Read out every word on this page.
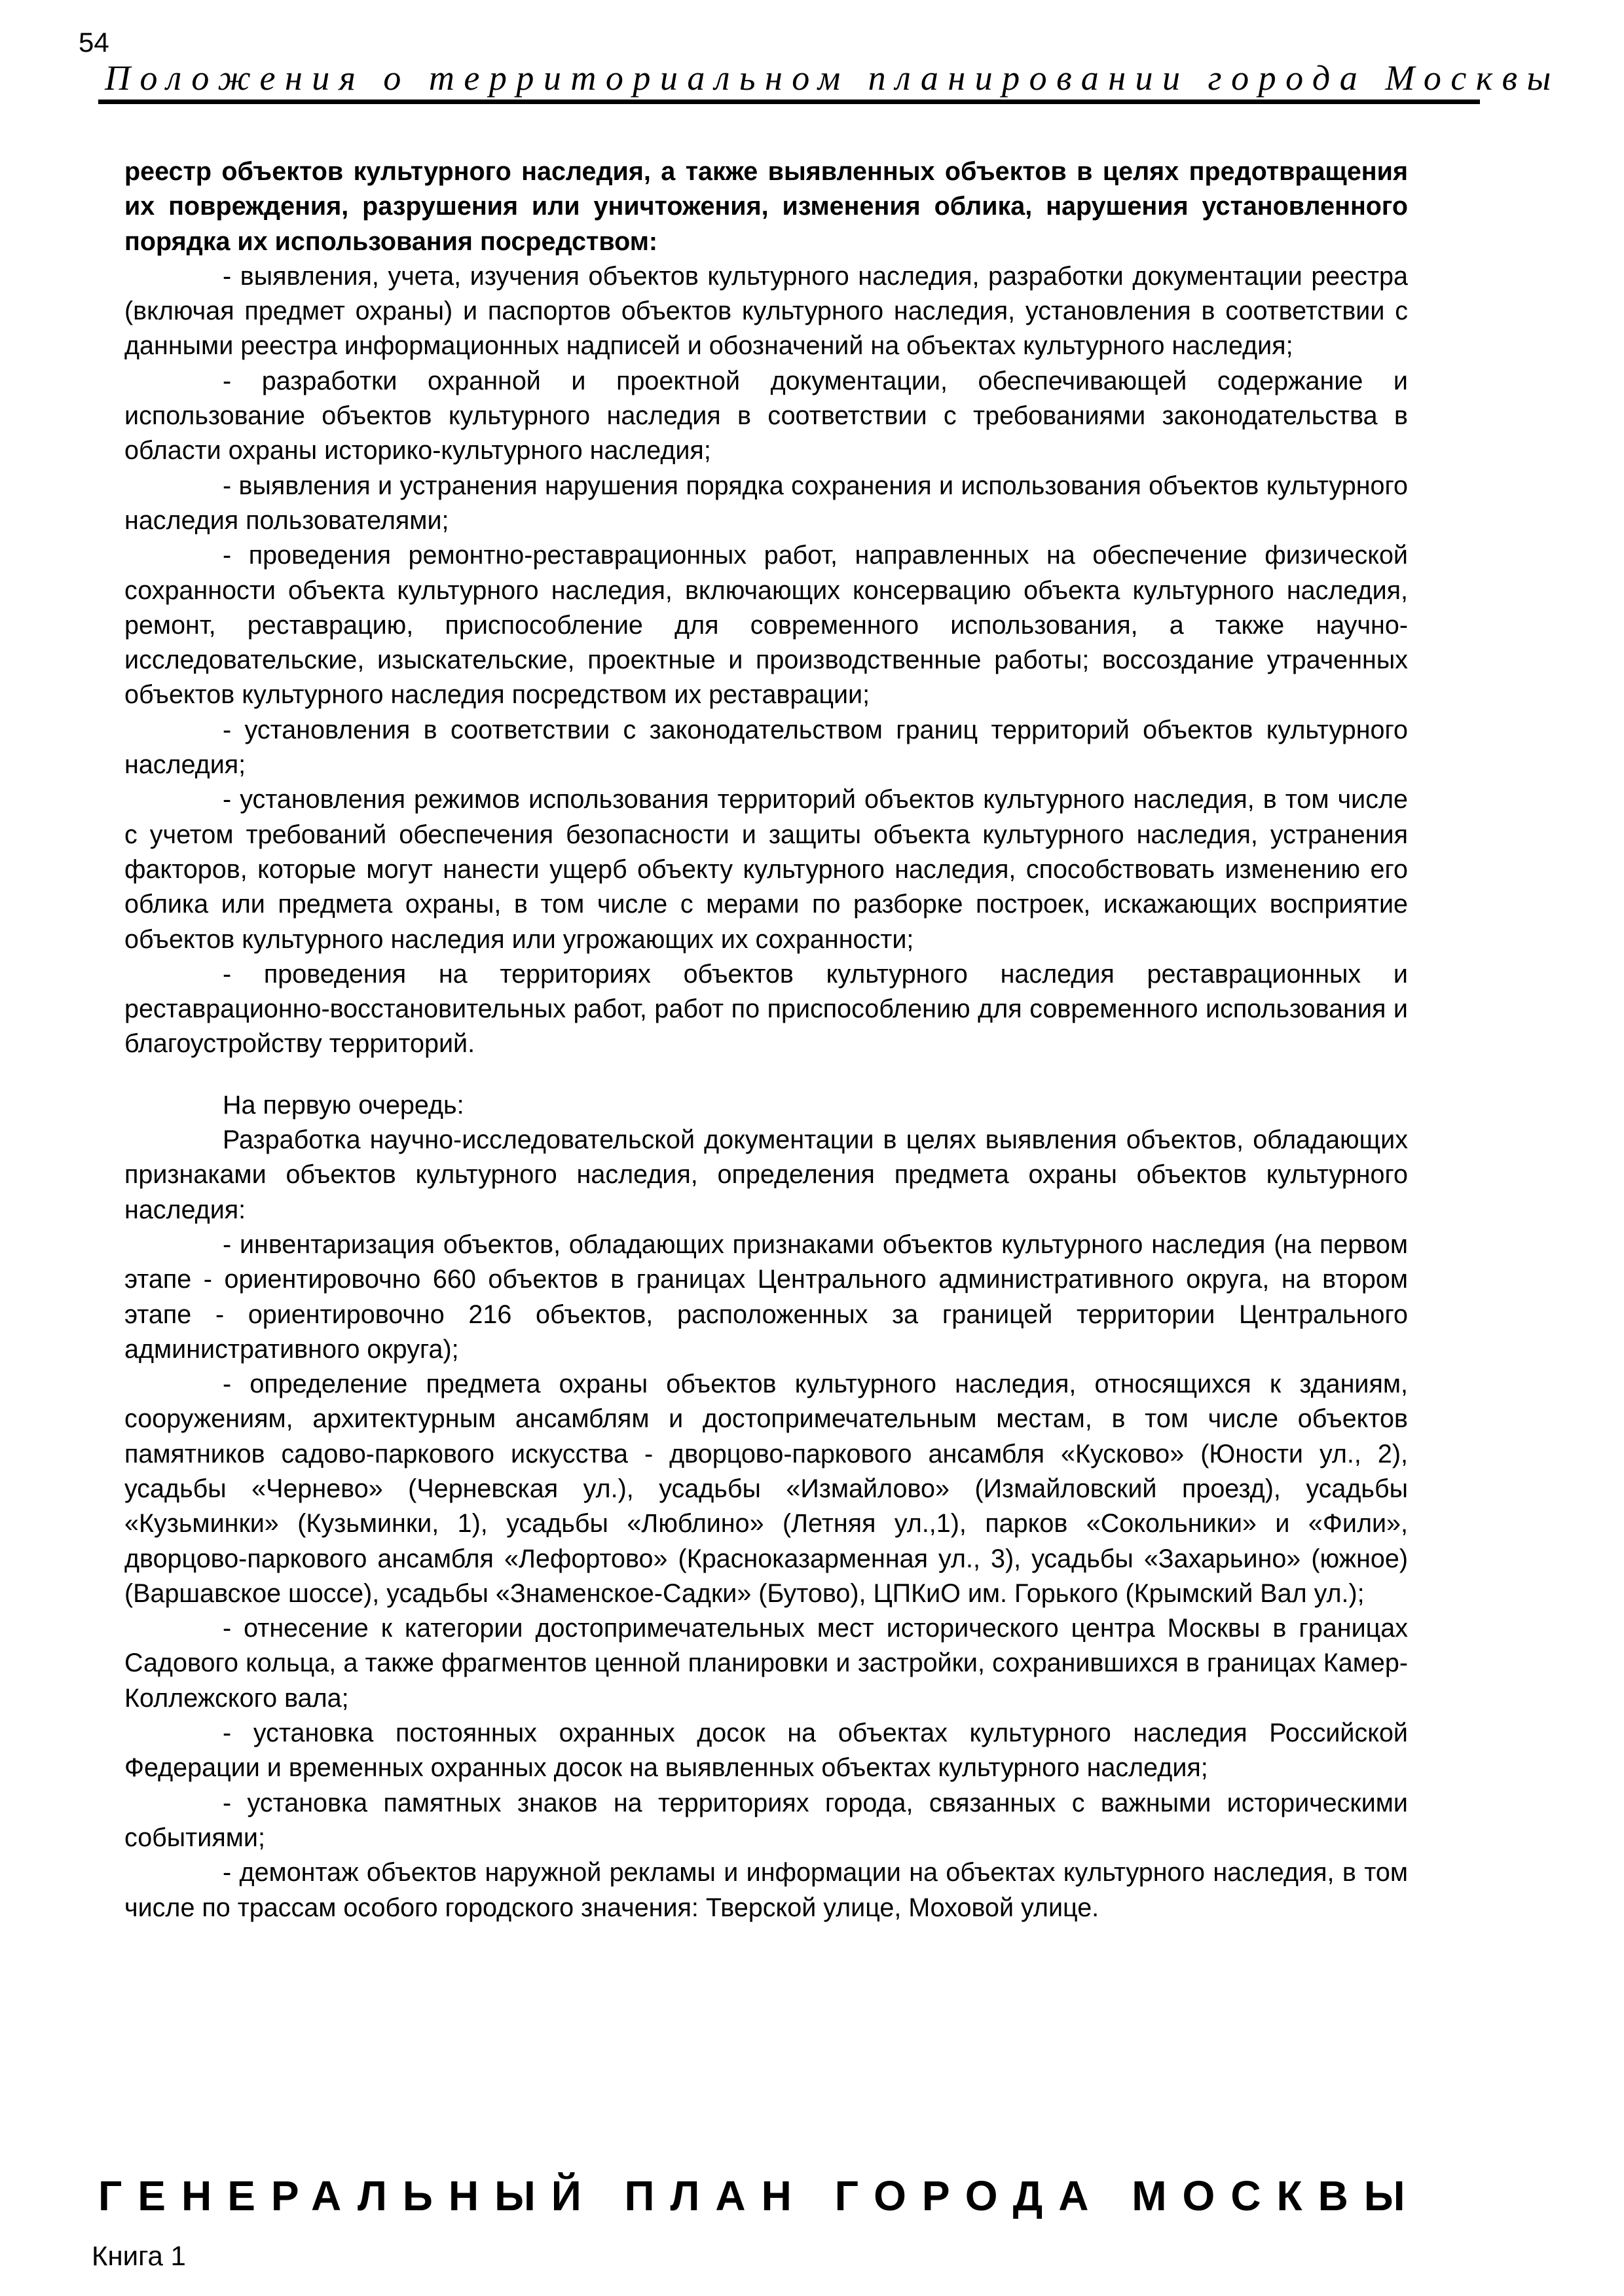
54
Положения о территориальном планировании города Москвы

реестр объектов культурного наследия, а также выявленных объектов в целях предотвращения их повреждения, разрушения или уничтожения, изменения облика, нарушения установленного порядка их использования посредством:

- выявления, учета, изучения объектов культурного наследия, разработки документации реестра (включая предмет охраны) и паспортов объектов культурного наследия, установления в соответствии с данными реестра информационных надписей и обозначений на объектах культурного наследия;

- разработки охранной и проектной документации, обеспечивающей содержание и использование объектов культурного наследия в соответствии с требованиями законодательства в области охраны историко-культурного наследия;

- выявления и устранения нарушения порядка сохранения и использования объектов культурного наследия пользователями;

- проведения ремонтно-реставрационных работ, направленных на обеспечение физической сохранности объекта культурного наследия, включающих консервацию объекта культурного наследия, ремонт, реставрацию, приспособление для современного использования, а также научно-исследовательские, изыскательские, проектные и производственные работы; воссоздание утраченных объектов культурного наследия посредством их реставрации;

- установления в соответствии с законодательством границ территорий объектов культурного наследия;

- установления режимов использования территорий объектов культурного наследия, в том числе с учетом требований обеспечения безопасности и защиты объекта культурного наследия, устранения факторов, которые могут нанести ущерб объекту культурного наследия, способствовать изменению его облика или предмета охраны, в том числе с мерами по разборке построек, искажающих восприятие объектов культурного наследия или угрожающих их сохранности;

- проведения на территориях объектов культурного наследия реставрационных и реставрационно-восстановительных работ, работ по приспособлению для современного использования и благоустройству территорий.

На первую очередь:

Разработка научно-исследовательской документации в целях выявления объектов, обладающих признаками объектов культурного наследия, определения предмета охраны объектов культурного наследия:

- инвентаризация объектов, обладающих признаками объектов культурного наследия (на первом этапе - ориентировочно 660 объектов в границах Центрального административного округа, на втором этапе - ориентировочно 216 объектов, расположенных за границей территории Центрального административного округа);

- определение предмета охраны объектов культурного наследия, относящихся к зданиям, сооружениям, архитектурным ансамблям и достопримечательным местам, в том числе объектов памятников садово-паркового искусства - дворцово-паркового ансамбля «Кусково» (Юности ул., 2), усадьбы «Чернево» (Черневская ул.), усадьбы «Измайлово» (Измайловский проезд), усадьбы «Кузьминки» (Кузьминки, 1), усадьбы «Люблино» (Летняя ул.,1), парков «Сокольники» и «Фили», дворцово-паркового ансамбля «Лефортово» (Красноказарменная ул., 3), усадьбы «Захарьино» (южное) (Варшавское шоссе), усадьбы «Знаменское-Садки» (Бутово), ЦПКиО им. Горького (Крымский Вал ул.);

- отнесение к категории достопримечательных мест исторического центра Москвы в границах Садового кольца, а также фрагментов ценной планировки и застройки, сохранившихся в границах Камер-Коллежского вала;

- установка постоянных охранных досок на объектах культурного наследия Российской Федерации и временных охранных досок на выявленных объектах культурного наследия;

- установка памятных знаков на территориях города, связанных с важными историческими событиями;

- демонтаж объектов наружной рекламы и информации на объектах культурного наследия, в том числе по трассам особого городского значения: Тверской улице, Моховой улице.

ГЕНЕРАЛЬНЫЙ ПЛАН ГОРОДА МОСКВЫ
Книга 1
